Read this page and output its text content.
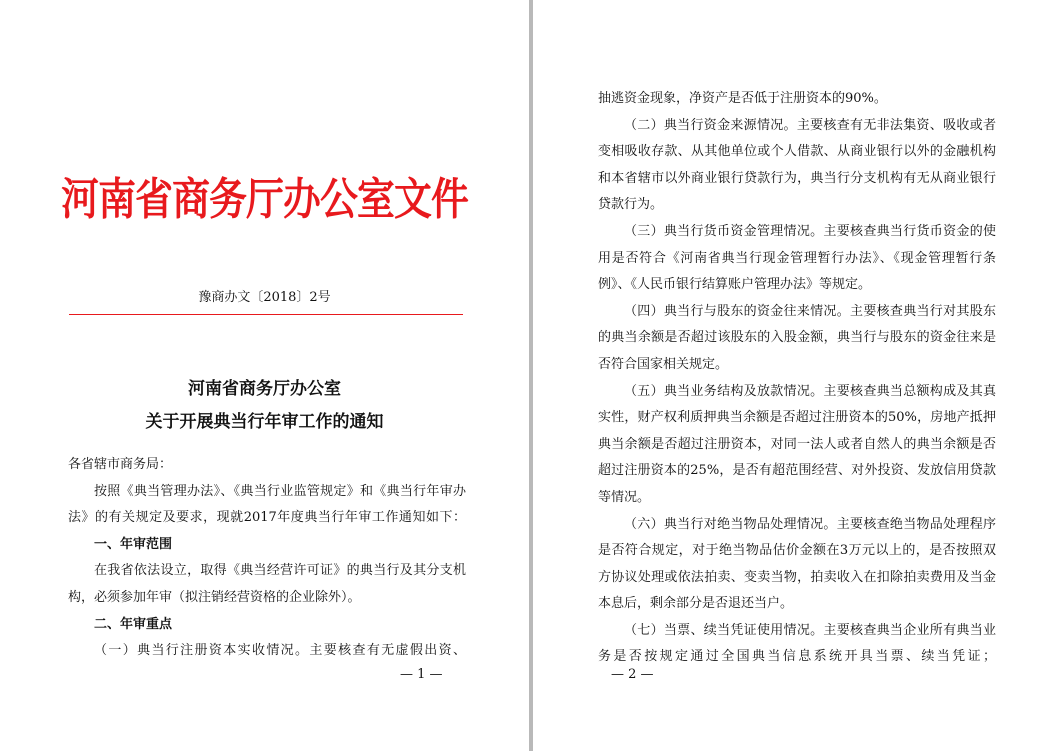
河南省商务厅办公室文件
豫商办文〔2018〕2号
河南省商务厅办公室
关于开展典当行年审工作的通知

各省辖市商务局：

按照《典当管理办法》、《典当行业监管规定》和《典当行年审办法》的有关规定及要求，现就2017年度典当行年审工作通知如下：

一、年审范围

在我省依法设立，取得《典当经营许可证》的典当行及其分支机构，必须参加年审（拟注销经营资格的企业除外）。

二、年审重点

（一）典当行注册资本实收情况。主要核查有无虚假出资、

— 1 —

抽逃资金现象，净资产是否低于注册资本的90%。

（二）典当行资金来源情况。主要核查有无非法集资、吸收或者变相吸收存款、从其他单位或个人借款、从商业银行以外的金融机构和本省辖市以外商业银行贷款行为，典当行分支机构有无从商业银行贷款行为。

（三）典当行货币资金管理情况。主要核查典当行货币资金的使用是否符合《河南省典当行现金管理暂行办法》、《现金管理暂行条例》、《人民币银行结算账户管理办法》等规定。

（四）典当行与股东的资金往来情况。主要核查典当行对其股东的典当余额是否超过该股东的入股金额，典当行与股东的资金往来是否符合国家相关规定。

（五）典当业务结构及放款情况。主要核查典当总额构成及其真实性，财产权利质押典当余额是否超过注册资本的50%，房地产抵押典当余额是否超过注册资本，对同一法人或者自然人的典当余额是否超过注册资本的25%，是否有超范围经营、对外投资、发放信用贷款等情况。

（六）典当行对绝当物品处理情况。主要核查绝当物品处理程序是否符合规定，对于绝当物品估价金额在3万元以上的，是否按照双方协议处理或依法拍卖、变卖当物，拍卖收入在扣除拍卖费用及当金本息后，剩余部分是否退还当户。

（七）当票、续当凭证使用情况。主要核查典当企业所有典当业务是否按规定通过全国典当信息系统开具当票、续当凭证；

— 2 —
